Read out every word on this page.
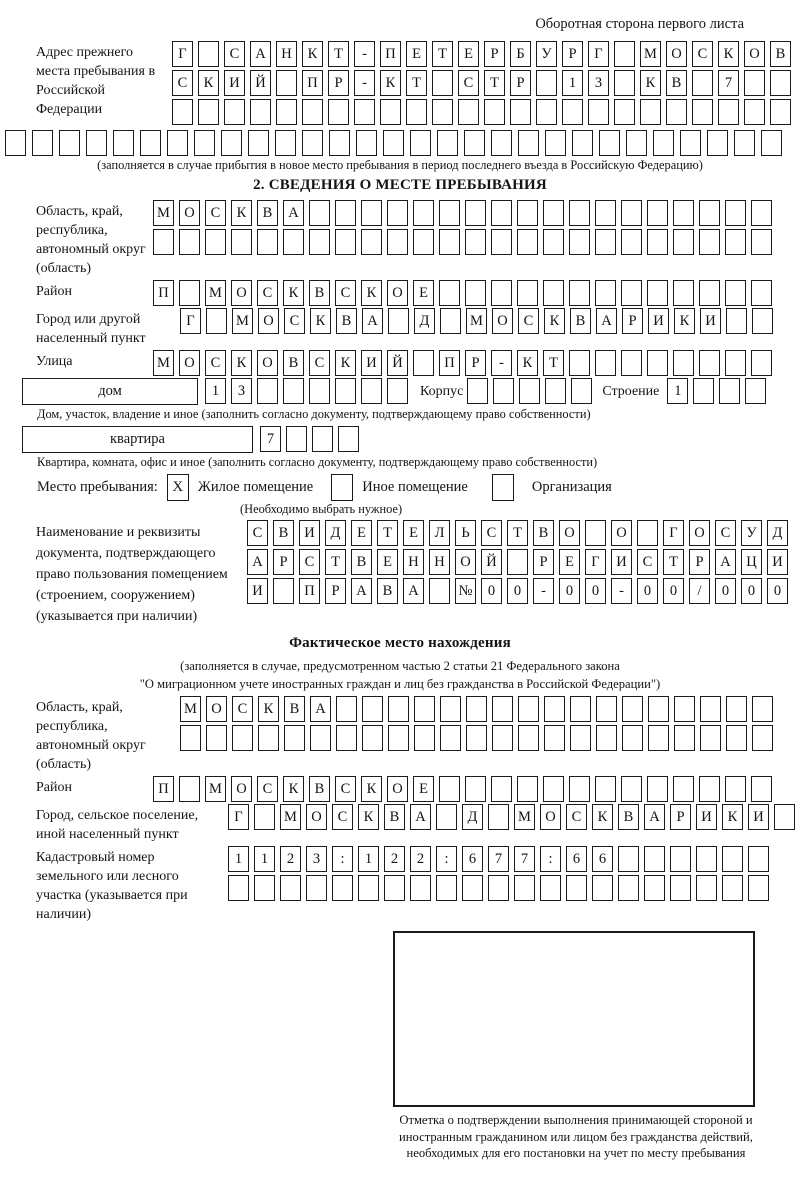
Оборотная сторона первого листа
Адрес прежнего места пребывания в Российской Федерации
Г	С	А	Н	К	Т	-	П	Е	Т	Е	Р	Б	У	Р	Г	М О	С	К	О	В
С	К	И	Й	П	Р	-	К	Т	С	Т	Р	1	3	К	В	7
(заполняется в случае прибытия в новое место пребывания в период последнего въезда в Российскую Федерацию)
2. СВЕДЕНИЯ О МЕСТЕ ПРЕБЫВАНИЯ
Область, край, республика, автономный округ (область)
М О	С	К	В	А
Район	П	М О	С	К	В	С	К	О	Е
Город или другой населенный пункт
Г	М О	С	К	В	А	Д	М О	С	К	В	А	Р	И	К	И
Улица	М О	С	К	О	В	С	К	И	Й	П	Р	-	К	Т
дом	1	3	Корпус	Строение	1
Дом, участок, владение и иное (заполнить согласно документу, подтверждающему право собственности)
квартира	7
Квартира, комната, офис и иное (заполнить согласно документу, подтверждающему право собственности)
Место пребывания: X	Жилое помещение	Иное помещение	Организация
(Необходимо выбрать нужное)
Наименование и реквизиты документа, подтверждающего право пользования помещением (строением, сооружением) (указывается при наличии)
С	В	И	Д	Е	Т	Е	Л	Ь	С	Т	В	О	О	Г	О	С	У	Д
А	Р	С	Т	В	Е	Н	Н	О	Й	Р	Е	Г	И	С	Т	Р	А	Ц	И
И	П	Р	А	В	А	№	0	0	-	0	0	-	0	0	/	0	0	0
Фактическое место нахождения
(заполняется в случае, предусмотренном частью 2 статьи 21 Федерального закона
"О миграционном учете иностранных граждан и лиц без гражданства в Российской Федерации")
Область, край, республика, автономный округ (область)
М О	С	К	В	А
Район	П	М О	С	К	В	С	К	О	Е
Город, сельское поселение, иной населенный пункт
Г	М О	С	К	В	А	Д	М О	С	К	В	А	Р	И	К	И
Кадастровый номер земельного или лесного участка (указывается при наличии)
1	1	2	3	:	1	2	2	:	6	7	7	:	6	6
Отметка о подтверждении выполнения принимающей стороной и иностранным гражданином или лицом без гражданства действий, необходимых для его постановки на учет по месту пребывания
